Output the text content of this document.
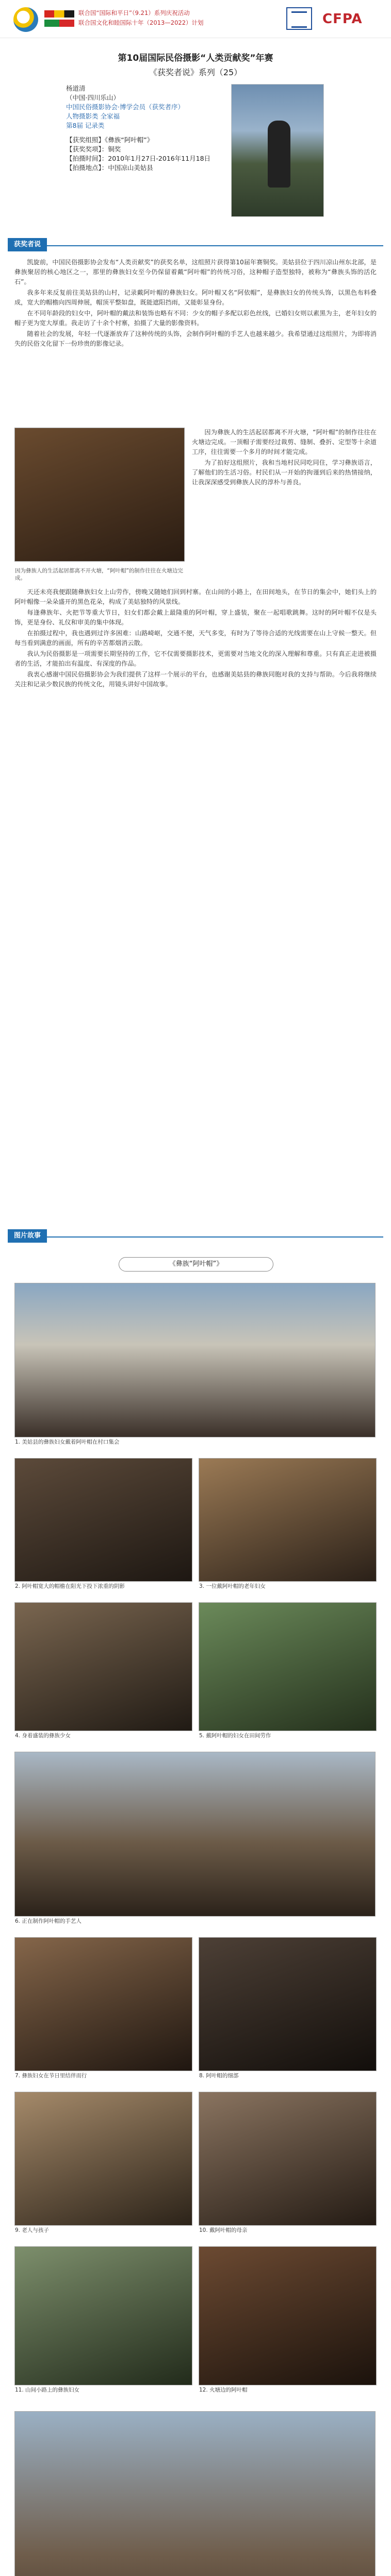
联合国“国际和平日”（9.21）系列庆祝活动
联合国文化和睦国际十年（2013—2022）计划	CFPA
第10届国际民俗摄影“人类贡献奖”年赛
《获奖者说》系列（25）
杨道清
（中国·四川乐山）
中国民俗摄影协会·博学会员（获奖者序）
人物摄影类 全家福
第8届 记录类
【获奖组照】《彝族“阿叶帽”》
【获奖奖项】：铜奖
【拍摄时间】：2010年1月27日-2016年11月18日
【拍摄地点】：中国凉山美姑县
获奖者说

凯旋前，中国民俗摄影协会发布“人类贡献奖”的获奖名单，这组照片获得第10届年赛铜奖。美姑县位于四川凉山州东北部，是彝族聚居的核心地区之一，那里的彝族妇女至今仍保留着戴“阿叶帽”的传统习俗，这种帽子造型独特，被称为“彝族头饰的活化石”。

我多年来反复前往美姑县的山村，记录戴阿叶帽的彝族妇女。阿叶帽又名“阿依帽”，是彝族妇女的传统头饰，以黑色布料叠成，宽大的帽檐向四周伸展，帽顶平整如盘，既能遮阳挡雨，又能彰显身份。

在不同年龄段的妇女中，阿叶帽的戴法和装饰也略有不同：少女的帽子多配以彩色丝线，已婚妇女则以素黑为主，老年妇女的帽子更为宽大厚重。我走访了十余个村寨，拍摄了大量的影像资料。

随着社会的发展，年轻一代逐渐放弃了这种传统的头饰，会制作阿叶帽的手艺人也越来越少。我希望通过这组照片，为即将消失的民俗文化留下一份珍贵的影像记录。

因为彝族人的生活起居都离不开火塘，“阿叶帽”的制作往往在火塘边完成。

因为彝族人的生活起居都离不开火塘，“阿叶帽”的制作往往在火塘边完成。一顶帽子需要经过裁剪、缝制、叠折、定型等十余道工序，往往需要一个多月的时间才能完成。

为了拍好这组照片，我和当地村民同吃同住，学习彝族语言，了解他们的生活习俗。村民们从一开始的拘谨到后来的热情接纳，让我深深感受到彝族人民的淳朴与善良。

天还未亮我便跟随彝族妇女上山劳作，傍晚又随她们回到村寨。在山间的小路上，在田间地头，在节日的集会中，她们头上的阿叶帽像一朵朵盛开的黑色花朵，构成了美姑独特的风景线。

每逢彝族年、火把节等重大节日，妇女们都会戴上最隆重的阿叶帽，穿上盛装，聚在一起唱歌跳舞。这时的阿叶帽不仅是头饰，更是身份、礼仪和审美的集中体现。

在拍摄过程中，我也遇到过许多困难：山路崎岖，交通不便，天气多变，有时为了等待合适的光线需要在山上守候一整天。但每当看到满意的画面，所有的辛苦都烟消云散。

我认为民俗摄影是一项需要长期坚持的工作，它不仅需要摄影技术，更需要对当地文化的深入理解和尊重。只有真正走进被摄者的生活，才能拍出有温度、有深度的作品。

我衷心感谢中国民俗摄影协会为我们提供了这样一个展示的平台，也感谢美姑县的彝族同胞对我的支持与帮助。今后我将继续关注和记录少数民族的传统文化，用镜头讲好中国故事。

图片故事
《彝族“阿叶帽”》
1. 美姑县的彝族妇女戴着阿叶帽在村口集会
2. 阿叶帽宽大的帽檐在阳光下投下浓重的阴影	3. 一位戴阿叶帽的老年妇女
4. 身着盛装的彝族少女	5. 戴阿叶帽的妇女在田间劳作
6. 正在制作阿叶帽的手艺人
7. 彝族妇女在节日里结伴而行	8. 阿叶帽的细部
9. 老人与孩子	10. 戴阿叶帽的母亲
11. 山间小路上的彝族妇女	12. 火塘边的阿叶帽
